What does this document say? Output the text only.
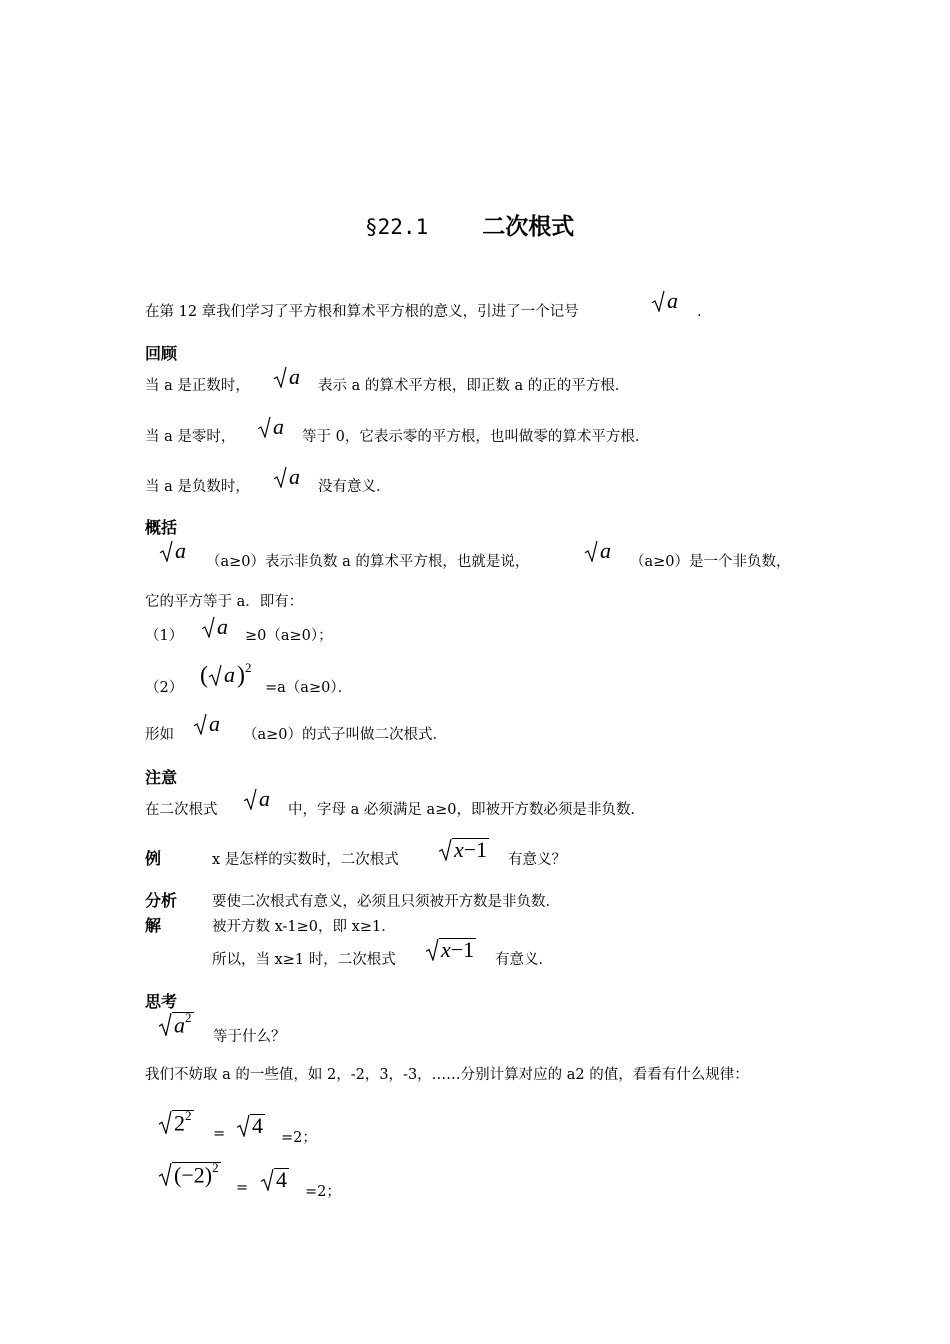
§22.1 二次根式
在第 12 章我们学习了平方根和算术平方根的意义，引进了一个记号	a ．
回顾
当 a 是正数时，	a 表示 a 的算术平方根，即正数 a 的正的平方根．
当 a 是零时，	a 等于 0，它表示零的平方根，也叫做零的算术平方根．
当 a 是负数时，	a 没有意义．
概括
a （a≥0）表示非负数 a 的算术平方根，也就是说，	a （a≥0）是一个非负数，
它的平方等于 a．即有：
（1）	a ≥0（a≥0）；
（2） ( a)$^2$
=a（a≥0）．
形如	a （a≥0）的式子叫做二次根式．
注意
在二次根式	a 中，字母 a 必须满足 a≥0，即被开方数必须是非负数．
例	x 是怎样的实数时，二次根式	x−1 有意义？
分析 要使二次根式有意义，必须且只须被开方数是非负数．
解	被开方数 x-1≥0，即 x≥1．
所以，当 x≥1 时，二次根式	x−1 有意义．
思考
$a^2$
等于什么？
我们不妨取 a 的一些值，如 2，-2，3，-3，……分别计算对应的 a2 的值，看看有什么规律：
$2^2$
=	4 =2；
$(-2)^2$
=	4 =2；
